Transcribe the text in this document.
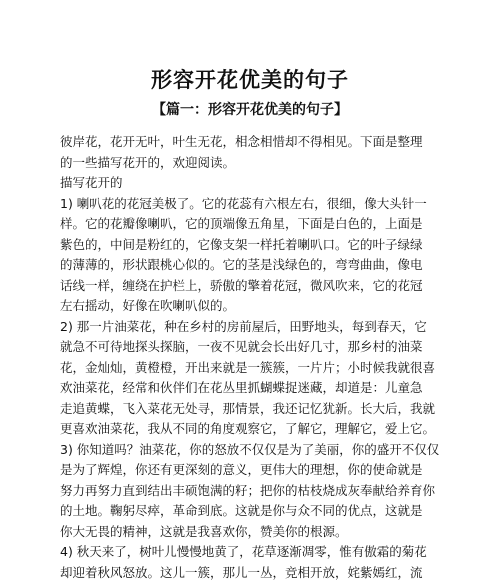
形容开花优美的句子
【篇一：形容开花优美的句子】

彼岸花，花开无叶，叶生无花，相念相惜却不得相见。下面是整理

的一些描写花开的，欢迎阅读。

描写花开的

1) 喇叭花的花冠美极了。它的花蕊有六根左右，很细，像大头针一

样。它的花瓣像喇叭，它的顶端像五角星，下面是白色的，上面是

紫色的，中间是粉红的，它像支架一样托着喇叭口。它的叶子绿绿

的薄薄的，形状跟桃心似的。它的茎是浅绿色的，弯弯曲曲，像电

话线一样，缠绕在护栏上，骄傲的擎着花冠，微风吹来，它的花冠

左右摇动，好像在吹喇叭似的。

2) 那一片油菜花，种在乡村的房前屋后，田野地头，每到春天，它

就急不可待地探头探脑，一夜不见就会长出好几寸，那乡村的油菜

花，金灿灿，黄橙橙，开出来就是一簇簇，一片片；小时候我就很喜

欢油菜花，经常和伙伴们在花丛里抓蝴蝶捉迷藏，却道是：儿童急

走追黄蝶，飞入菜花无处寻，那情景，我还记忆犹新。长大后，我就

更喜欢油菜花，我从不同的角度观察它，了解它，理解它，爱上它。

3) 你知道吗？油菜花，你的怒放不仅仅是为了美丽，你的盛开不仅仅

是为了辉煌，你还有更深刻的意义，更伟大的理想，你的使命就是

努力再努力直到结出丰硕饱满的籽；把你的枯枝烧成灰奉献给养育你

的土地。鞠躬尽瘁，革命到底。这就是你与众不同的优点，这就是

你大无畏的精神，这就是我喜欢你，赞美你的根源。

4) 秋天来了，树叶儿慢慢地黄了，花草逐渐凋零，惟有傲霜的菊花

却迎着秋风怒放。这儿一簇，那儿一丛，竞相开放，姹紫嫣红，流
